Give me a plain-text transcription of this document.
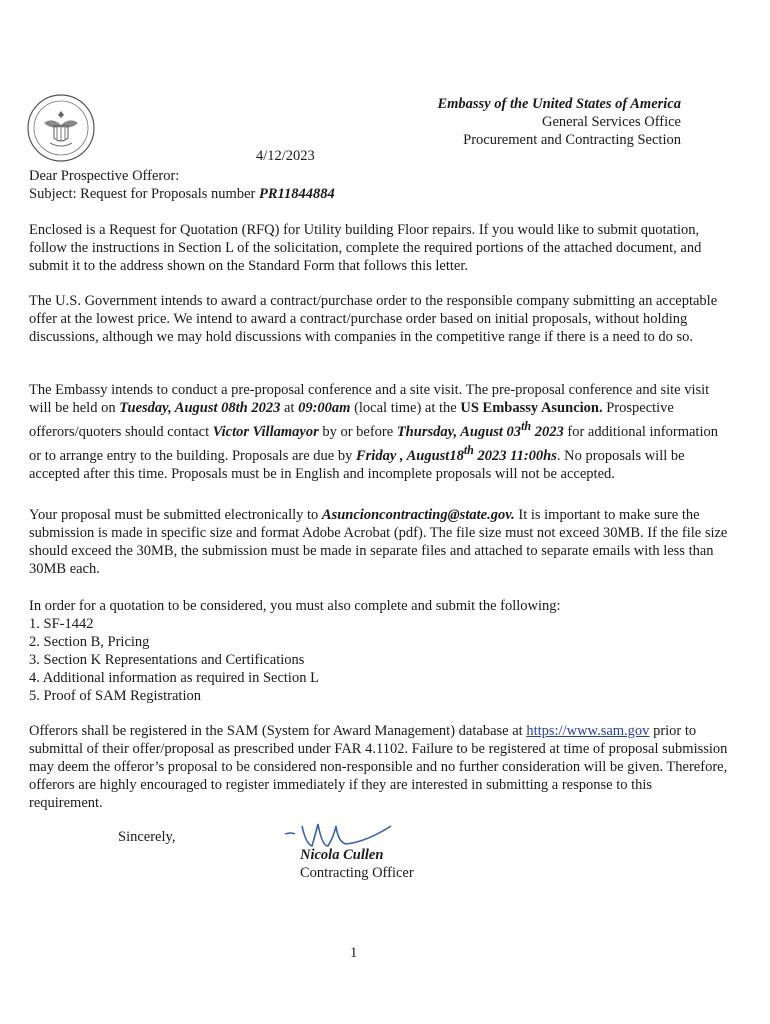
Embassy of the United States of America
General Services Office
Procurement and Contracting Section
4/12/2023

Dear Prospective Offeror:

Subject: Request for Proposals number PR11844884

Enclosed is a Request for Quotation (RFQ) for Utility building Floor repairs. If you would like to submit quotation, follow the instructions in Section L of the solicitation, complete the required portions of the attached document, and submit it to the address shown on the Standard Form that follows this letter.

The U.S. Government intends to award a contract/purchase order to the responsible company submitting an acceptable offer at the lowest price. We intend to award a contract/purchase order based on initial proposals, without holding discussions, although we may hold discussions with companies in the competitive range if there is a need to do so.

The Embassy intends to conduct a pre-proposal conference and a site visit. The pre-proposal conference and site visit will be held on Tuesday, August 08th 2023 at 09:00am (local time) at the US Embassy Asuncion. Prospective offerors/quoters should contact Victor Villamayor by or before Thursday, August 03th 2023 for additional information or to arrange entry to the building. Proposals are due by Friday , August18th 2023 11:00hs. No proposals will be accepted after this time. Proposals must be in English and incomplete proposals will not be accepted.

Your proposal must be submitted electronically to Asuncioncontracting@state.gov. It is important to make sure the submission is made in specific size and format Adobe Acrobat (pdf). The file size must not exceed 30MB. If the file size should exceed the 30MB, the submission must be made in separate files and attached to separate emails with less than 30MB each.

In order for a quotation to be considered, you must also complete and submit the following:

1. SF-1442
2. Section B, Pricing
3. Section K Representations and Certifications
4. Additional information as required in Section L
5. Proof of SAM Registration

Offerors shall be registered in the SAM (System for Award Management) database at https://www.sam.gov prior to submittal of their offer/proposal as prescribed under FAR 4.1102. Failure to be registered at time of proposal submission may deem the offeror’s proposal to be considered non-responsible and no further consideration will be given. Therefore, offerors are highly encouraged to register immediately if they are interested in submitting a response to this requirement.

Sincerely,
Nicola Cullen
Contracting Officer
1
